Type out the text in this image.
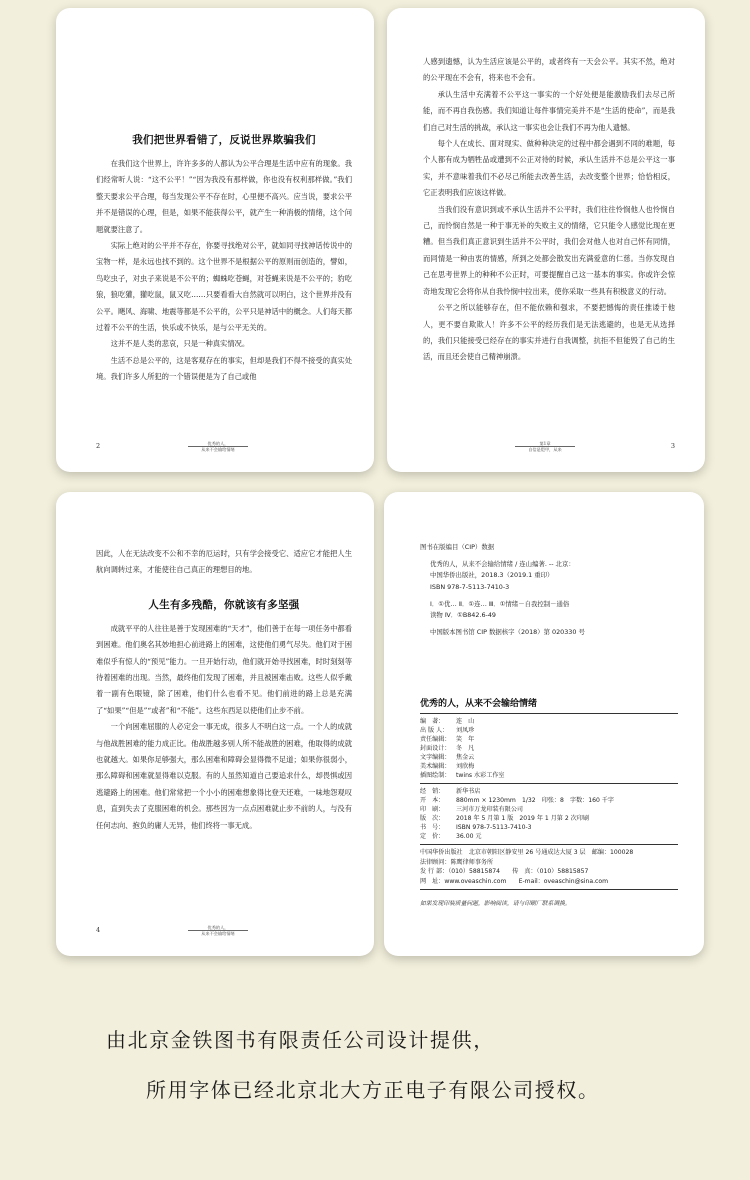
我们把世界看错了，反说世界欺骗我们

在我们这个世界上，许许多多的人都认为公平合理是生活中应有的现象。我们经常听人说：“这不公平！”“因为我没有那样做，你也没有权利那样做。”我们整天要求公平合理，每当发现公平不存在时，心里便不高兴。应当说，要求公平并不是错误的心理，但是，如果不能获得公平，就产生一种消极的情绪，这个问题就要注意了。

实际上绝对的公平并不存在，你要寻找绝对公平，就如同寻找神话传说中的宝物一样，是永远也找不到的。这个世界不是根据公平的原则而创造的，譬如，鸟吃虫子，对虫子来说是不公平的；蜘蛛吃苍蝇，对苍蝇来说是不公平的；豹吃狼，狼吃獾，獾吃鼠，鼠又吃……只要看看大自然就可以明白，这个世界并没有公平。飓风、海啸、地震等都是不公平的，公平只是神话中的概念。人们每天都过着不公平的生活，快乐或不快乐，是与公平无关的。

这并不是人类的悲哀，只是一种真实情况。

生活不总是公平的，这是客观存在的事实，但却是我们不得不接受的真实处境。我们许多人所犯的一个错误便是为了自己或他

2	优秀的人，
从来不会输给情绪

人感到遗憾，认为生活应该是公平的，或者终有一天会公平。其实不然，绝对的公平现在不会有，将来也不会有。

承认生活中充满着不公平这一事实的一个好处便是能激励我们去尽己所能，而不再自我伤感。我们知道让每件事情完美并不是“生活的使命”，而是我们自己对生活的挑战，承认这一事实也会让我们不再为他人遗憾。

每个人在成长、面对现实、做种种决定的过程中都会遇到不同的难题，每个人都有成为牺牲品或遭到不公正对待的时候，承认生活并不总是公平这一事实，并不意味着我们不必尽己所能去改善生活，去改变整个世界；恰恰相反，它正表明我们应该这样做。

当我们没有意识到或不承认生活并不公平时，我们往往怜悯他人也怜悯自己，而怜悯自然是一种于事无补的失败主义的情绪，它只能令人感觉比现在更糟。但当我们真正意识到生活并不公平时，我们会对他人也对自己怀有同情，而同情是一种由衷的情感，所到之处都会散发出充满爱意的仁慈。当你发现自己在思考世界上的种种不公正时，可要提醒自己这一基本的事实。你或许会惊奇地发现它会将你从自我怜悯中拉出来，使你采取一些具有积极意义的行动。

公平之所以能够存在，但不能依赖和强求，不要把憾悔的责任推诿于他人，更不要自欺欺人！许多不公平的经历我们是无法逃避的，也是无从选择的，我们只能接受已经存在的事实并进行自我调整，抗拒不但能毁了自己的生活，而且还会使自己精神崩溃。

3
第1章
自信是铠甲，从来

因此，人在无法改变不公和不幸的厄运时，只有学会接受它、适应它才能把人生航向调转过来，才能使往自己真正的理想目的地。

人生有多残酷，你就该有多坚强

成就平平的人往往是善于发现困难的“天才”，他们善于在每一项任务中都看到困难。他们奥名其妙地担心前进路上的困难，这使他们勇气尽失。他们对于困难似乎有惊人的“预见”能力。一旦开始行动，他们就开始寻找困难，时时刻刻等待着困难的出现。当然，最终他们发现了困难，并且被困难击败。这些人似乎戴着一副有色眼镜，除了困难，他们什么也看不见。他们前进的路上总是充满了“如果”“但是”“或者”和“不能”。这些东西足以使他们止步不前。

一个向困难屈服的人必定会一事无成，很多人不明白这一点。一个人的成就与他战胜困难的能力成正比。他战胜越多别人所不能战胜的困难，他取得的成就也就越大。如果你足够强大，那么困难和障碍会显得微不足道；如果你很弱小，那么障碍和困难就显得难以克服。有的人虽然知道自己要追求什么，却畏惧或因逃避路上的困难。他们常常把一个小小的困难想象得比登天还难，一味地怨观叹息，直到失去了克服困难的机会。那些因为一点点困难就止步不前的人，与没有任何志向、抱负的庸人无异，他们终将一事无成。

4	优秀的人，
从来不会输给情绪

图书在版编目（CIP）数据

优秀的人，从来不会输给情绪 / 连山编著. -- 北京：

中国华侨出版社，2018.3（2019.1 重印）

ISBN 978-7-5113-7410-3

Ⅰ．①优… Ⅱ．①连… Ⅲ．①情绪－自我控制－通俗

读物 Ⅳ．①B842.6-49

中国版本图书馆 CIP 数据核字（2018）第 020330 号

优秀的人，从来不会输给情绪
编　著：	连　山
出 版 人：	刘凤珍
责任编辑： 笑　年
封面设计： 冬　凡
文字编辑： 焦金云
美术编辑： 刘欣梅
插图绘制： twins 水彩工作室
经　销：	新华书店
开　本：	880mm × 1230mm　1/32　印张：8　字数：160 千字
印　刷：	三河市万龙印装有限公司
版　次：	2018 年 5 月第 1 版　2019 年 1 月第 2 次印刷
书　号：	ISBN 978-7-5113-7410-3
定　价：	36.00 元

中国华侨出版社　北京市朝阳区静安里 26 号通成达大厦 3 层　邮编：100028

法律顾问：陈鹰律师事务所

发 行 部：（010）58815874　　传　真：（010）58815857

网　址：www.oveaschin.com　　E-mail：oveaschin@sina.com

如果发现印装质量问题，影响阅读，请与印刷厂联系调换。
由北京金铁图书有限责任公司设计提供，
所用字体已经北京北大方正电子有限公司授权。
